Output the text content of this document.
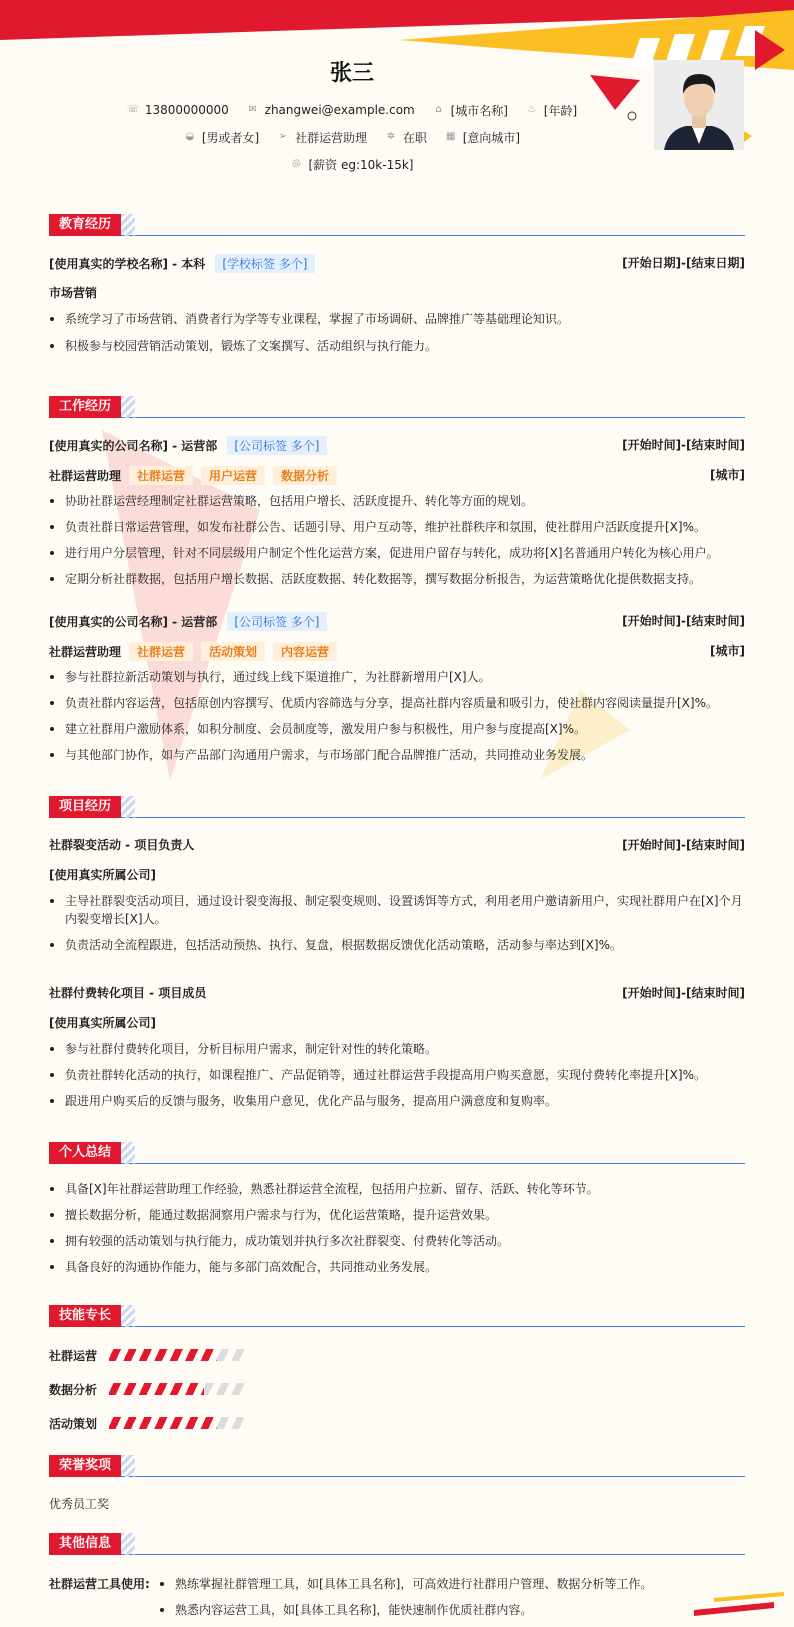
张三
☏ 13800000000
✉ zhangwei@example.com
⌂ [城市名称]
♨ [年龄]
◒ [男或者女]
➢ 社群运营助理
✲ 在职
▦ [意向城市]
◎ [薪资 eg:10k-15k]
教育经历
[使用真实的学校名称] - 本科 [学校标签 多个]	[开始日期]-[结束日期]
市场营销
系统学习了市场营销、消费者行为学等专业课程，掌握了市场调研、品牌推广等基础理论知识。
积极参与校园营销活动策划，锻炼了文案撰写、活动组织与执行能力。
工作经历
[使用真实的公司名称] - 运营部 [公司标签 多个]	[开始时间]-[结束时间]
社群运营助理 社群运营 用户运营 数据分析	[城市]
协助社群运营经理制定社群运营策略，包括用户增长、活跃度提升、转化等方面的规划。
负责社群日常运营管理，如发布社群公告、话题引导、用户互动等，维护社群秩序和氛围，使社群用户活跃度提升[X]%。
进行用户分层管理，针对不同层级用户制定个性化运营方案，促进用户留存与转化，成功将[X]名普通用户转化为核心用户。
定期分析社群数据，包括用户增长数据、活跃度数据、转化数据等，撰写数据分析报告，为运营策略优化提供数据支持。
[使用真实的公司名称] - 运营部 [公司标签 多个]	[开始时间]-[结束时间]
社群运营助理 社群运营 活动策划 内容运营	[城市]
参与社群拉新活动策划与执行，通过线上线下渠道推广，为社群新增用户[X]人。
负责社群内容运营，包括原创内容撰写、优质内容筛选与分享，提高社群内容质量和吸引力，使社群内容阅读量提升[X]%。
建立社群用户激励体系，如积分制度、会员制度等，激发用户参与积极性，用户参与度提高[X]%。
与其他部门协作，如与产品部门沟通用户需求，与市场部门配合品牌推广活动，共同推动业务发展。
项目经历
社群裂变活动 - 项目负责人	[开始时间]-[结束时间]
[使用真实所属公司]
主导社群裂变活动项目，通过设计裂变海报、制定裂变规则、设置诱饵等方式，利用老用户邀请新用户，实现社群用户在[X]个月内裂变增长[X]人。
负责活动全流程跟进，包括活动预热、执行、复盘，根据数据反馈优化活动策略，活动参与率达到[X]%。
社群付费转化项目 - 项目成员	[开始时间]-[结束时间]
[使用真实所属公司]
参与社群付费转化项目，分析目标用户需求，制定针对性的转化策略。
负责社群转化活动的执行，如课程推广、产品促销等，通过社群运营手段提高用户购买意愿，实现付费转化率提升[X]%。
跟进用户购买后的反馈与服务，收集用户意见，优化产品与服务，提高用户满意度和复购率。
个人总结
具备[X]年社群运营助理工作经验，熟悉社群运营全流程，包括用户拉新、留存、活跃、转化等环节。
擅长数据分析，能通过数据洞察用户需求与行为，优化运营策略，提升运营效果。
拥有较强的活动策划与执行能力，成功策划并执行多次社群裂变、付费转化等活动。
具备良好的沟通协作能力，能与多部门高效配合，共同推动业务发展。
技能专长
社群运营
数据分析
活动策划
荣誉奖项
优秀员工奖
其他信息
社群运营工具使用:	熟练掌握社群管理工具，如[具体工具名称]，可高效进行社群用户管理、数据分析等工作。
熟悉内容运营工具，如[具体工具名称]，能快速制作优质社群内容。
